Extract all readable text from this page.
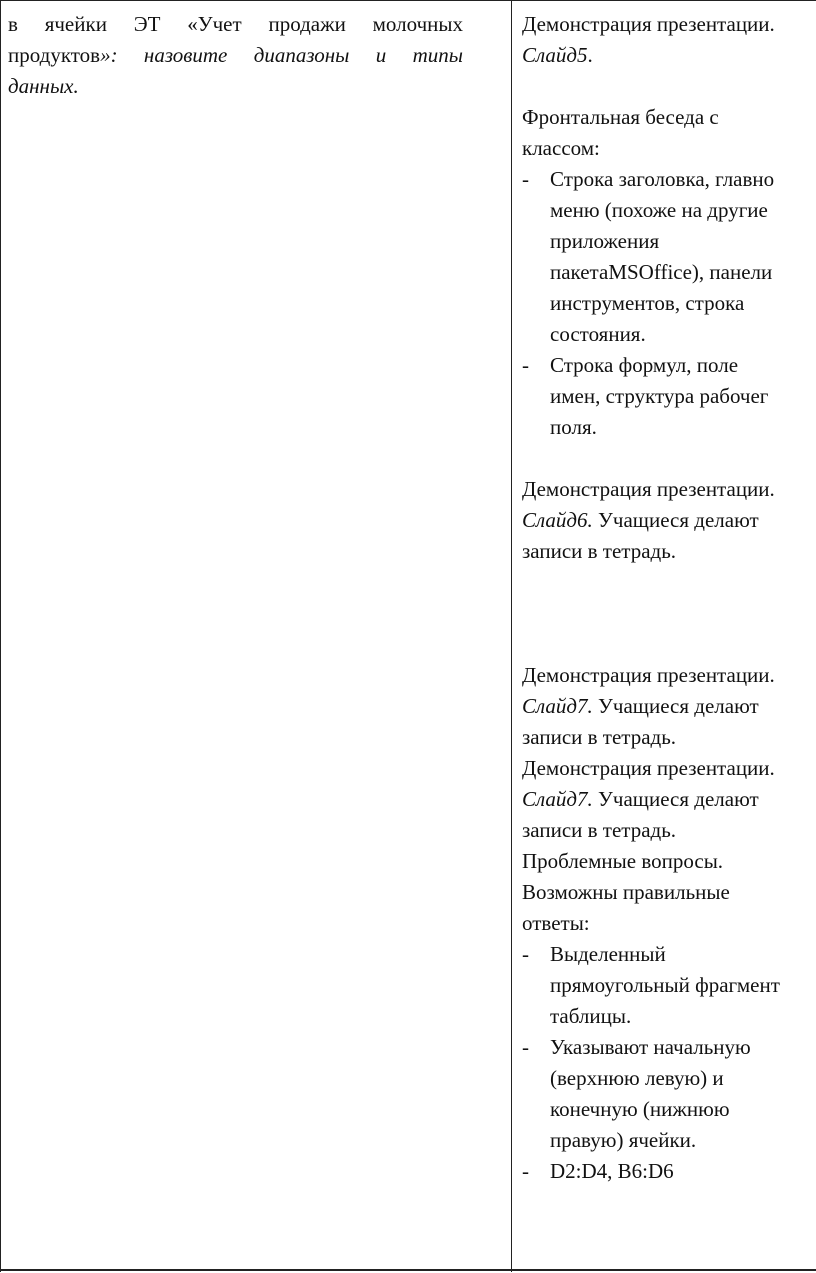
в ячейки ЭТ «Учет продажи молочных
продуктов»: назовите диапазоны и типы
данных.
Демонстрация презентации.
Слайд5.
Фронтальная беседа с
классом:
- Строка заголовка, главно
меню (похоже на другие
приложения
пакетаMSOffice), панели
инструментов, строка
состояния.
- Строка формул, поле
имен, структура рабочег
поля.
Демонстрация презентации.
Слайд6. Учащиеся делают
записи в тетрадь.
Демонстрация презентации.
Слайд7. Учащиеся делают
записи в тетрадь.
Демонстрация презентации.
Слайд7. Учащиеся делают
записи в тетрадь.
Проблемные вопросы.
Возможны правильные
ответы:
- Выделенный
прямоугольный фрагмент
таблицы.
- Указывают начальную
(верхнюю левую) и
конечную (нижнюю
правую) ячейки.
- D2:D4, B6:D6
